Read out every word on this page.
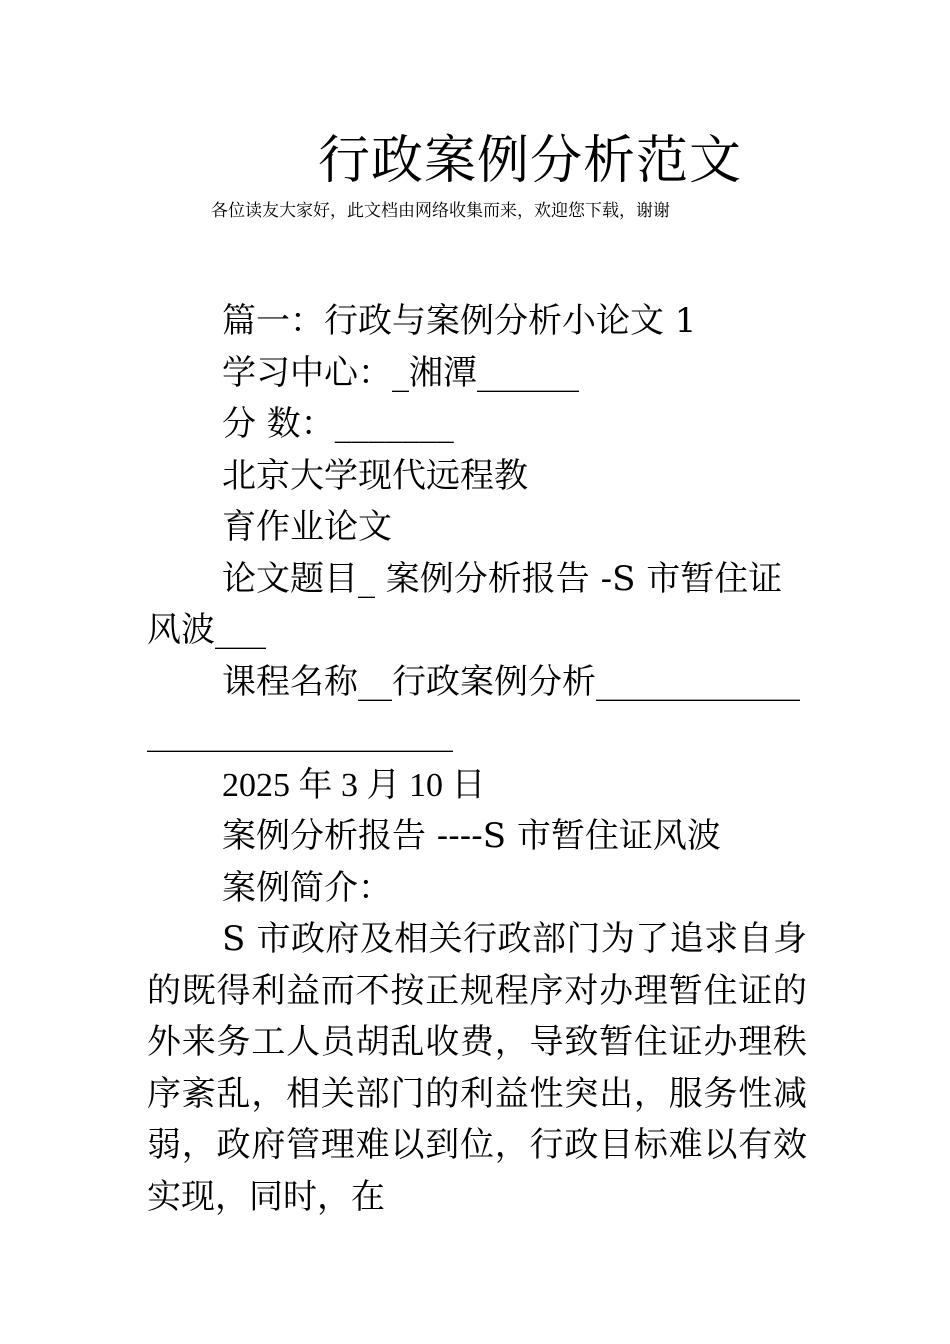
行政案例分析范文
各位读友大家好，此文档由网络收集而来，欢迎您下载，谢谢

篇一：行政与案例分析小论文 1

学习中心：_湘潭______

分 数：_______

北京大学现代远程教

育作业论文

论文题目_ 案例分析报告 -S 市暂住证风波___

课程名称__行政案例分析____________ __________________

2025 年 3 月 10 日

案例分析报告 ----S 市暂住证风波

案例简介：

S 市政府及相关行政部门为了追求自身的既得利益而不按正规程序对办理暂住证的外来务工人员胡乱收费，导致暂住证办理秩序紊乱，相关部门的利益性突出，服务性减弱，政府管理难以到位，行政目标难以有效实现，同时，在
